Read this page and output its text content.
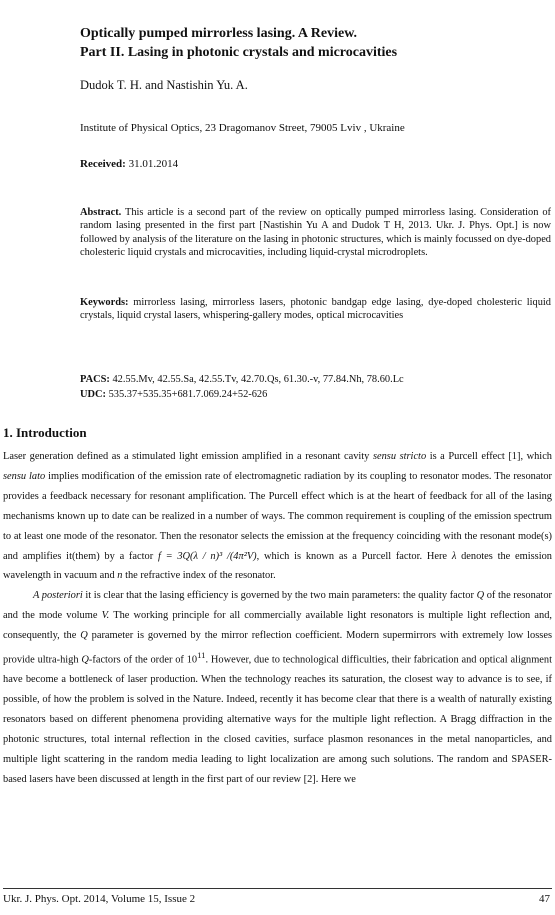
Optically pumped mirrorless lasing. A Review.
Part II. Lasing in photonic crystals and microcavities
Dudok T. H. and Nastishin Yu. A.
Institute of Physical Optics, 23 Dragomanov Street, 79005 Lviv , Ukraine
Received: 31.01.2014
Abstract. This article is a second part of the review on optically pumped mirrorless lasing. Consideration of random lasing presented in the first part [Nastishin Yu A and Dudok T H, 2013. Ukr. J. Phys. Opt.] is now followed by analysis of the literature on the lasing in photonic structures, which is mainly focussed on dye-doped cholesteric liquid crystals and microcavities, including liquid-crystal microdroplets.
Keywords: mirrorless lasing, mirrorless lasers, photonic bandgap edge lasing, dye-doped cholesteric liquid crystals, liquid crystal lasers, whispering-gallery modes, optical microcavities
PACS: 42.55.Mv, 42.55.Sa, 42.55.Tv, 42.70.Qs, 61.30.-v, 77.84.Nh, 78.60.Lc
UDC: 535.37+535.35+681.7.069.24+52-626
1. Introduction

Laser generation defined as a stimulated light emission amplified in a resonant cavity sensu stricto is a Purcell effect [1], which sensu lato implies modification of the emission rate of electromagnetic radiation by its coupling to resonator modes. The resonator provides a feedback necessary for resonant amplification. The Purcell effect which is at the heart of feedback for all of the lasing mechanisms known up to date can be realized in a number of ways. The common requirement is coupling of the emission spectrum to at least one mode of the resonator. Then the resonator selects the emission at the frequency coinciding with the resonant mode(s) and amplifies it(them) by a factor f = 3Q(λ / n)³ /(4π²V), which is known as a Purcell factor. Here λ denotes the emission wavelength in vacuum and n the refractive index of the resonator.

A posteriori it is clear that the lasing efficiency is governed by the two main parameters: the quality factor Q of the resonator and the mode volume V. The working principle for all commercially available light resonators is multiple light reflection and, consequently, the Q parameter is governed by the mirror reflection coefficient. Modern supermirrors with extremely low losses provide ultra-high Q-factors of the order of $10^{11}$. However, due to technological difficulties, their fabrication and optical alignment have become a bottleneck of laser production. When the technology reaches its saturation, the closest way to advance is to see, if possible, of how the problem is solved in the Nature. Indeed, recently it has become clear that there is a wealth of naturally existing resonators based on different phenomena providing alternative ways for the multiple light reflection. A Bragg diffraction in the photonic structures, total internal reflection in the closed cavities, surface plasmon resonances in the metal nanoparticles, and multiple light scattering in the random media leading to light localization are among such solutions. The random and SPASER-based lasers have been discussed at length in the first part of our review [2]. Here we

Ukr. J. Phys. Opt. 2014, Volume 15, Issue 2	47
